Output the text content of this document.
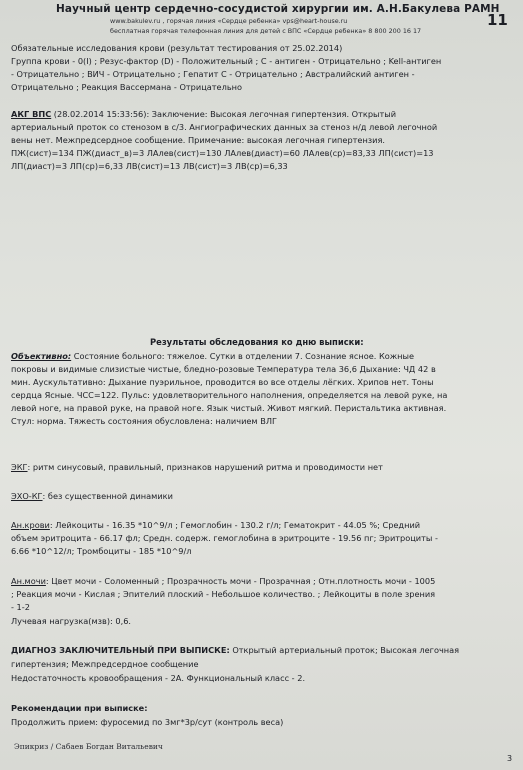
Научный центр сердечно-сосудистой хирургии им. А.Н.Бакулева РАМН
www.bakulev.ru , горячая линия «Сердце ребенка» vps@heart-house.ru
бесплатная горячая телефонная линия для детей с ВПС «Сердце ребенка» 8 800 200 16 17
11
Обязательные исследования крови (результат тестирования от 25.02.2014)
Группа крови - 0(I) ; Резус-фактор (D) - Положительный ; С - антиген - Отрицательно ; Kell-антиген
- Отрицательно ; ВИЧ - Отрицательно ; Гепатит С - Отрицательно ; Австралийский антиген -
Отрицательно ; Реакция Вассермана - Отрицательно
АКГ ВПС (28.02.2014 15:33:56): Заключение: Высокая легочная гипертензия. Открытый
артериальный проток со стенозом в с/3. Ангиографических данных за стеноз н/д левой легочной
вены нет. Межпредсердное сообщение. Примечание: высокая легочная гипертензия.
ПЖ(сист)=134 ПЖ(диаст_в)=3 ЛАлев(сист)=130 ЛАлев(диаст)=60 ЛАлев(ср)=83,33 ЛП(сист)=13
ЛП(диаст)=3 ЛП(ср)=6,33 ЛВ(сист)=13 ЛВ(сист)=3 ЛВ(ср)=6,33
Результаты обследования ко дню выписки:
Объективно: Состояние больного: тяжелое. Сутки в отделении 7. Сознание ясное. Кожные
покровы и видимые слизистые чистые, бледно-розовые Температура тела 36,6 Дыхание: ЧД 42 в
мин. Аускультативно: Дыхание пуэрильное, проводится во все отделы лёгких. Хрипов нет. Тоны
сердца Ясные. ЧСС=122. Пульс: удовлетворительного наполнения, определяется на левой руке, на
левой ноге, на правой руке, на правой ноге. Язык чистый. Живот мягкий. Перистальтика активная.
Стул: норма. Тяжесть состояния обусловлена: наличием ВЛГ
ЭКГ: ритм синусовый, правильный, признаков нарушений ритма и проводимости нет
ЭХО-КГ: без существенной динамики
Ан.крови: Лейкоциты - 16.35 *10^9/л ; Гемоглобин - 130.2 г/л; Гематокрит - 44.05 %; Средний
объем эритроцита - 66.17 фл; Средн. содерж. гемоглобина в эритроците - 19.56 пг; Эритроциты -
6.66 *10^12/л; Тромбоциты - 185 *10^9/л
Ан.мочи: Цвет мочи - Соломенный ; Прозрачность мочи - Прозрачная ; Отн.плотность мочи - 1005
; Реакция мочи - Кислая ; Эпителий плоский - Небольшое количество. ; Лейкоциты в поле зрения
- 1-2
Лучевая нагрузка(мзв): 0,6.
ДИАГНОЗ ЗАКЛЮЧИТЕЛЬНЫЙ ПРИ ВЫПИСКЕ: Открытый артериальный проток; Высокая легочная
гипертензия; Межпредсердное сообщение
Недостаточность кровообращения - 2А. Функциональный класс - 2.
Рекомендации при выписке:
Продолжить прием: фуросемид по 3мг*3р/сут (контроль веса)
Эпикриз / Сабаев Богдан Витальевич
3
